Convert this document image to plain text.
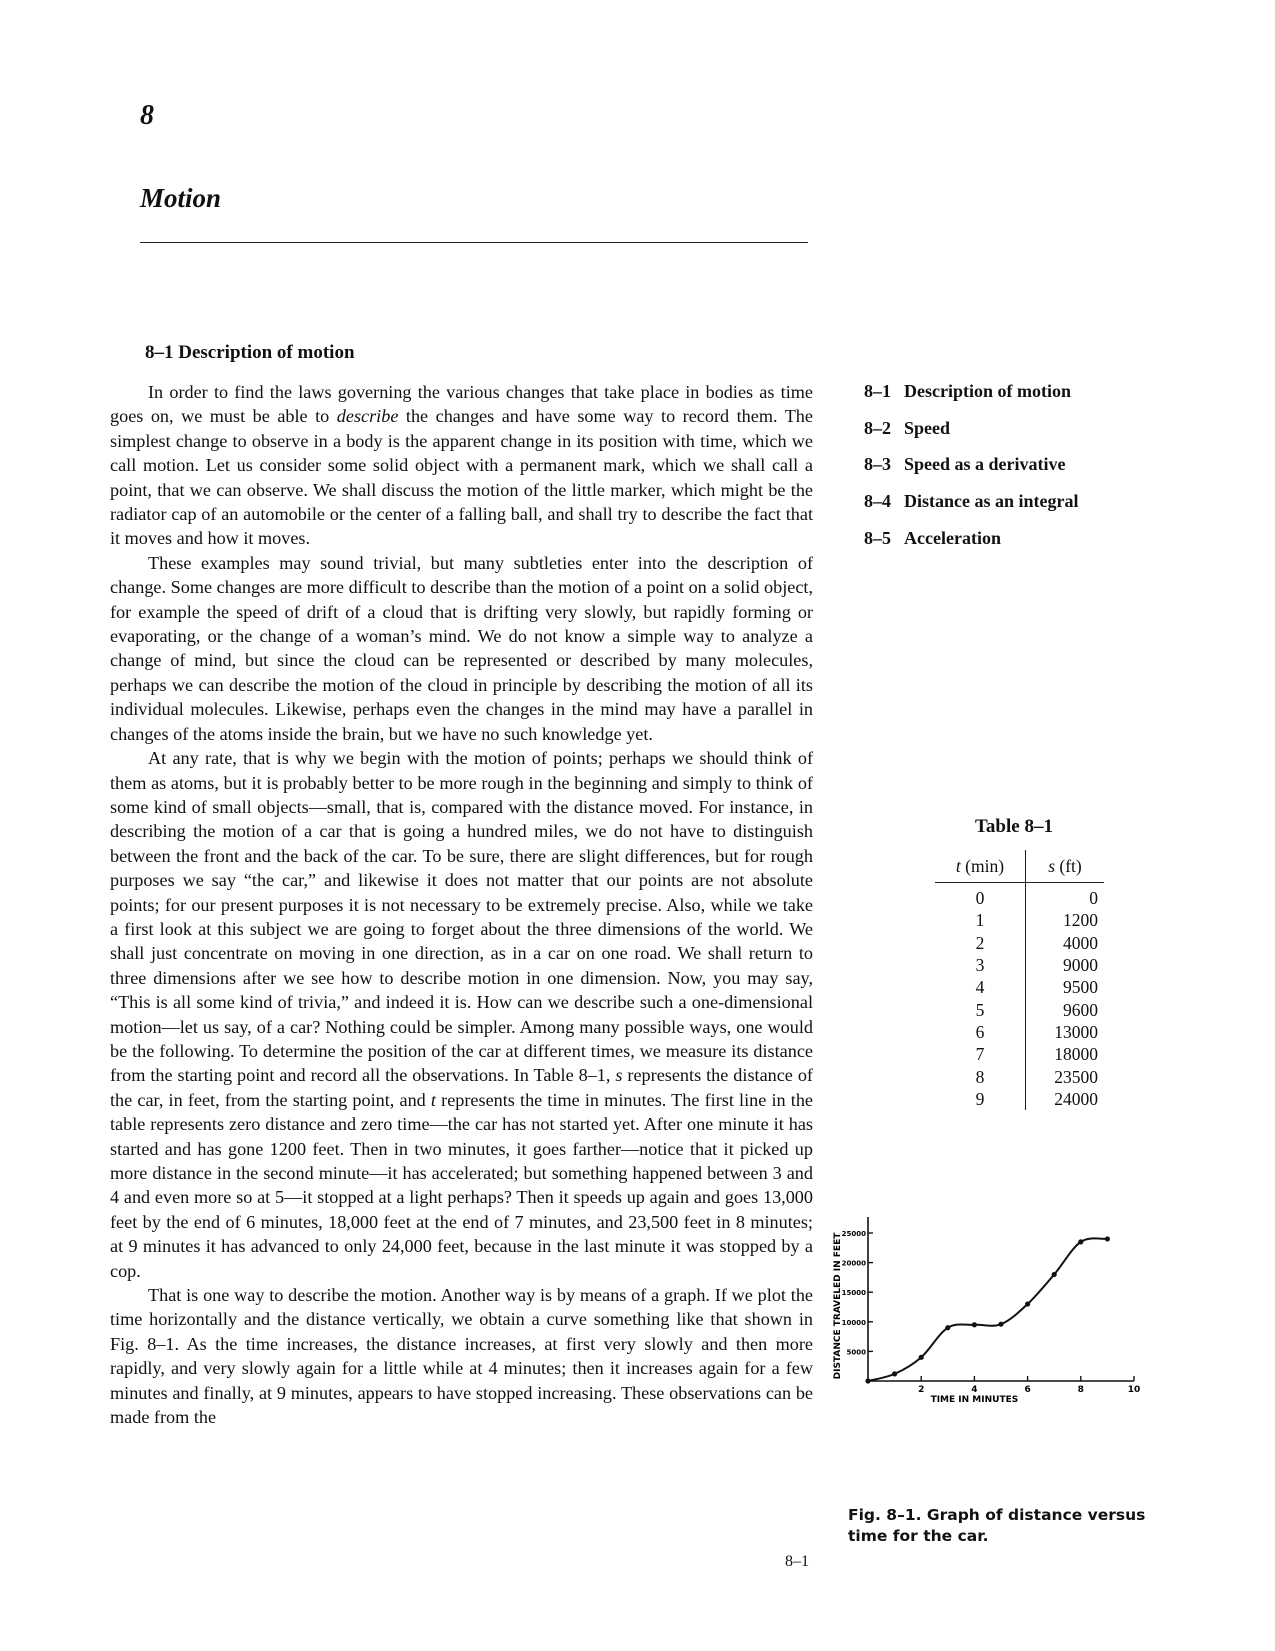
8
Motion
8–1 Description of motion

In order to find the laws governing the various changes that take place in bodies as time goes on, we must be able to describe the changes and have some way to record them. The simplest change to observe in a body is the apparent change in its position with time, which we call motion. Let us consider some solid object with a permanent mark, which we shall call a point, that we can observe. We shall discuss the motion of the little marker, which might be the radiator cap of an automobile or the center of a falling ball, and shall try to describe the fact that it moves and how it moves.

These examples may sound trivial, but many subtleties enter into the description of change. Some changes are more difficult to describe than the motion of a point on a solid object, for example the speed of drift of a cloud that is drifting very slowly, but rapidly forming or evaporating, or the change of a woman’s mind. We do not know a simple way to analyze a change of mind, but since the cloud can be represented or described by many molecules, perhaps we can describe the motion of the cloud in principle by describing the motion of all its individual molecules. Likewise, perhaps even the changes in the mind may have a parallel in changes of the atoms inside the brain, but we have no such knowledge yet.

At any rate, that is why we begin with the motion of points; perhaps we should think of them as atoms, but it is probably better to be more rough in the beginning and simply to think of some kind of small objects—small, that is, compared with the distance moved. For instance, in describing the motion of a car that is going a hundred miles, we do not have to distinguish between the front and the back of the car. To be sure, there are slight differences, but for rough purposes we say “the car,” and likewise it does not matter that our points are not absolute points; for our present purposes it is not necessary to be extremely precise. Also, while we take a first look at this subject we are going to forget about the three dimensions of the world. We shall just concentrate on moving in one direction, as in a car on one road. We shall return to three dimensions after we see how to describe motion in one dimension. Now, you may say, “This is all some kind of trivia,” and indeed it is. How can we describe such a one-dimensional motion—let us say, of a car? Nothing could be simpler. Among many possible ways, one would be the following. To determine the position of the car at different times, we measure its distance from the starting point and record all the observations. In Table 8–1, s represents the distance of the car, in feet, from the starting point, and t represents the time in minutes. The first line in the table represents zero distance and zero time—the car has not started yet. After one minute it has started and has gone 1200 feet. Then in two minutes, it goes farther—notice that it picked up more distance in the second minute—it has accelerated; but something happened between 3 and 4 and even more so at 5—it stopped at a light perhaps? Then it speeds up again and goes 13,000 feet by the end of 6 minutes, 18,000 feet at the end of 7 minutes, and 23,500 feet in 8 minutes; at 9 minutes it has advanced to only 24,000 feet, because in the last minute it was stopped by a cop.

That is one way to describe the motion. Another way is by means of a graph. If we plot the time horizontally and the distance vertically, we obtain a curve something like that shown in Fig. 8–1. As the time increases, the distance increases, at first very slowly and then more rapidly, and very slowly again for a little while at 4 minutes; then it increases again for a few minutes and finally, at 9 minutes, appears to have stopped increasing. These observations can be made from the

8–1 Description of motion
8–2 Speed
8–3 Speed as a derivative
8–4 Distance as an integral
8–5 Acceleration
Table 8–1
t (min)	s (ft)
0	0
1	1200
2	4000
3	9000
4	9500
5	9600
6	13000
7	18000
8	23500
9	24000
5000
10000
15000
20000
25000
2	4	6	8	10
TIME IN MINUTES
DISTANCE TRAVELED IN FEET
Fig. 8–1. Graph of distance versus time for the car.
8–1
